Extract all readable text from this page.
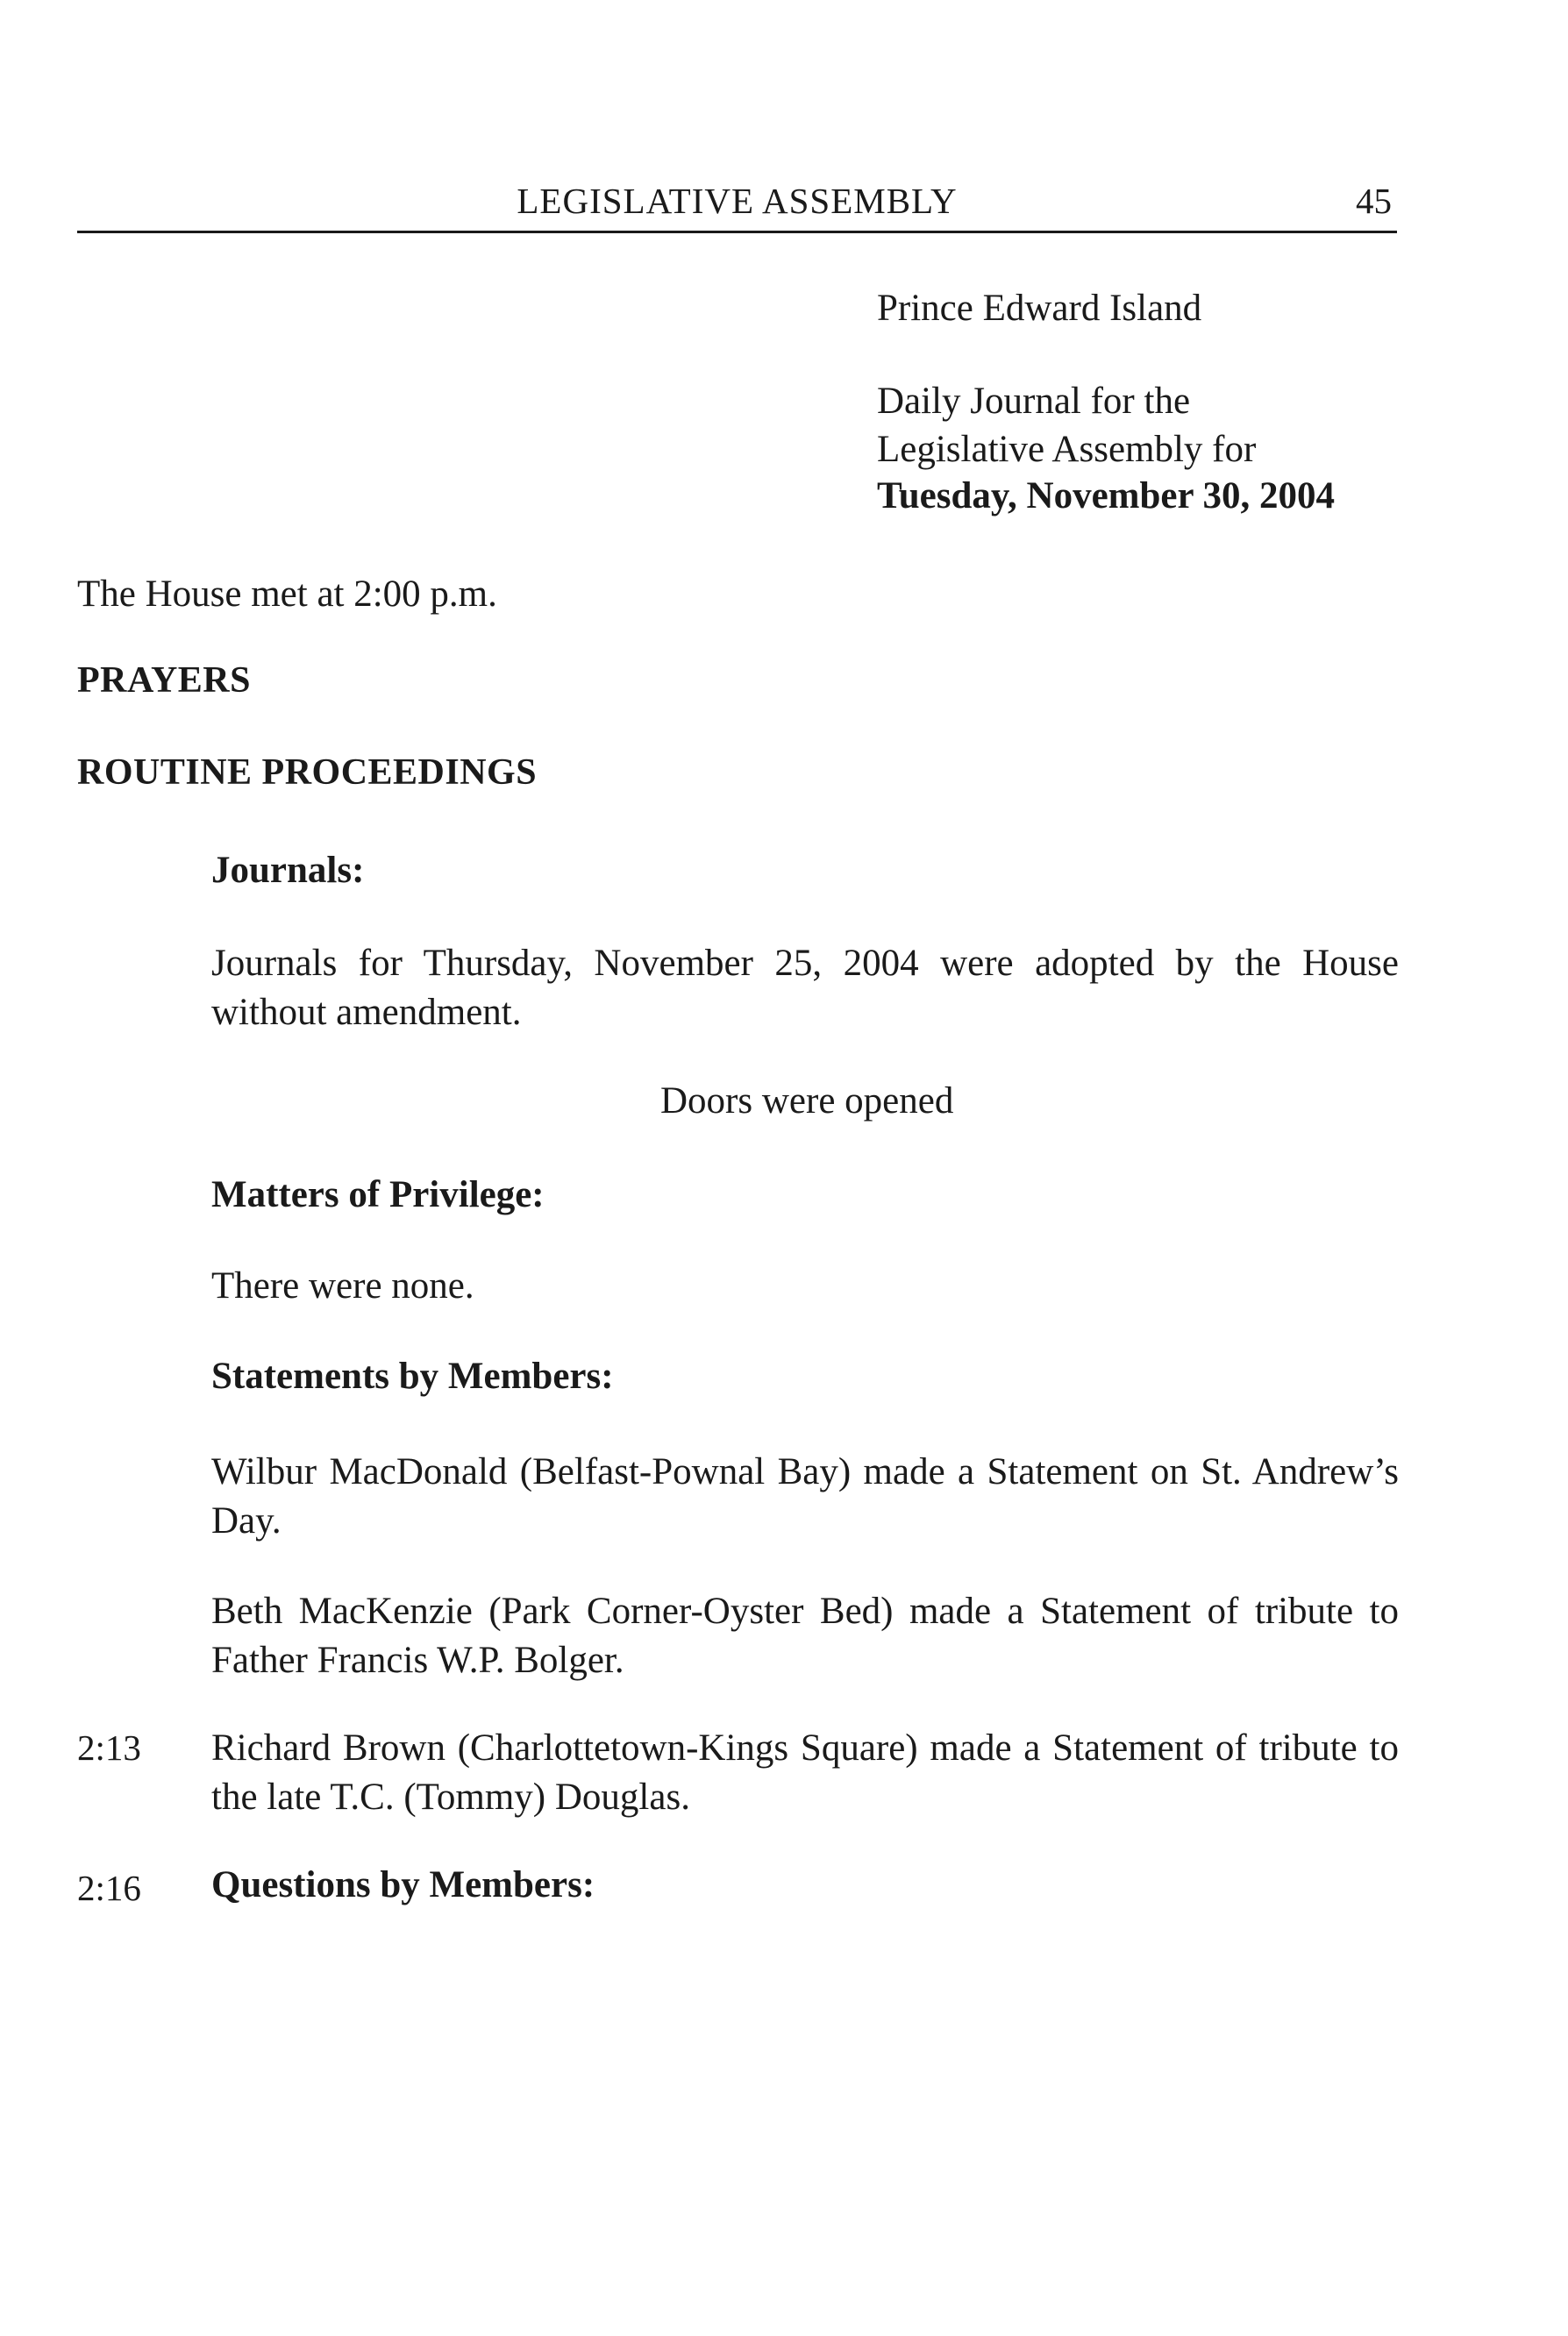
LEGISLATIVE ASSEMBLY	45
Prince Edward Island
Daily Journal for the
Legislative Assembly for
Tuesday, November 30, 2004
The House met at 2:00 p.m.
PRAYERS
ROUTINE PROCEEDINGS
Journals:
Journals for Thursday, November 25, 2004 were adopted by the House without amendment.
Doors were opened
Matters of Privilege:
There were none.
Statements by Members:
Wilbur MacDonald (Belfast-Pownal Bay) made a Statement on St. Andrew’s Day.
Beth MacKenzie (Park Corner-Oyster Bed) made a Statement of tribute to Father Francis W.P. Bolger.
2:13 Richard Brown (Charlottetown-Kings Square) made a Statement of tribute to the late T.C. (Tommy) Douglas.
2:16 Questions by Members:
